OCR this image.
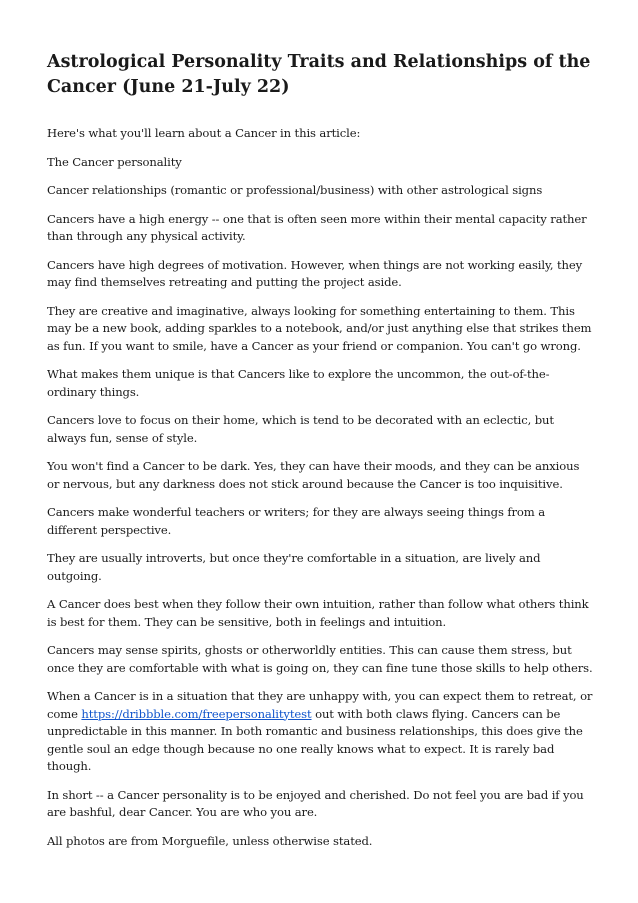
Astrological Personality Traits and Relationships of the Cancer (June 21-July 22)

Here's what you'll learn about a Cancer in this article:

The Cancer personality

Cancer relationships (romantic or professional/business) with other astrological signs

Cancers have a high energy -- one that is often seen more within their mental capacity rather than through any physical activity.

Cancers have high degrees of motivation. However, when things are not working easily, they may find themselves retreating and putting the project aside.

They are creative and imaginative, always looking for something entertaining to them. This may be a new book, adding sparkles to a notebook, and/or just anything else that strikes them as fun. If you want to smile, have a Cancer as your friend or companion. You can't go wrong.

What makes them unique is that Cancers like to explore the uncommon, the out-of-the-ordinary things.

Cancers love to focus on their home, which is tend to be decorated with an eclectic, but always fun, sense of style.

You won't find a Cancer to be dark. Yes, they can have their moods, and they can be anxious or nervous, but any darkness does not stick around because the Cancer is too inquisitive.

Cancers make wonderful teachers or writers; for they are always seeing things from a different perspective.

They are usually introverts, but once they're comfortable in a situation, are lively and outgoing.

A Cancer does best when they follow their own intuition, rather than follow what others think is best for them. They can be sensitive, both in feelings and intuition.

Cancers may sense spirits, ghosts or otherworldly entities. This can cause them stress, but once they are comfortable with what is going on, they can fine tune those skills to help others.

When a Cancer is in a situation that they are unhappy with, you can expect them to retreat, or come https://dribbble.com/freepersonalitytest out with both claws flying. Cancers can be unpredictable in this manner. In both romantic and business relationships, this does give the gentle soul an edge though because no one really knows what to expect. It is rarely bad though.

In short -- a Cancer personality is to be enjoyed and cherished. Do not feel you are bad if you are bashful, dear Cancer. You are who you are.

All photos are from Morguefile, unless otherwise stated.
